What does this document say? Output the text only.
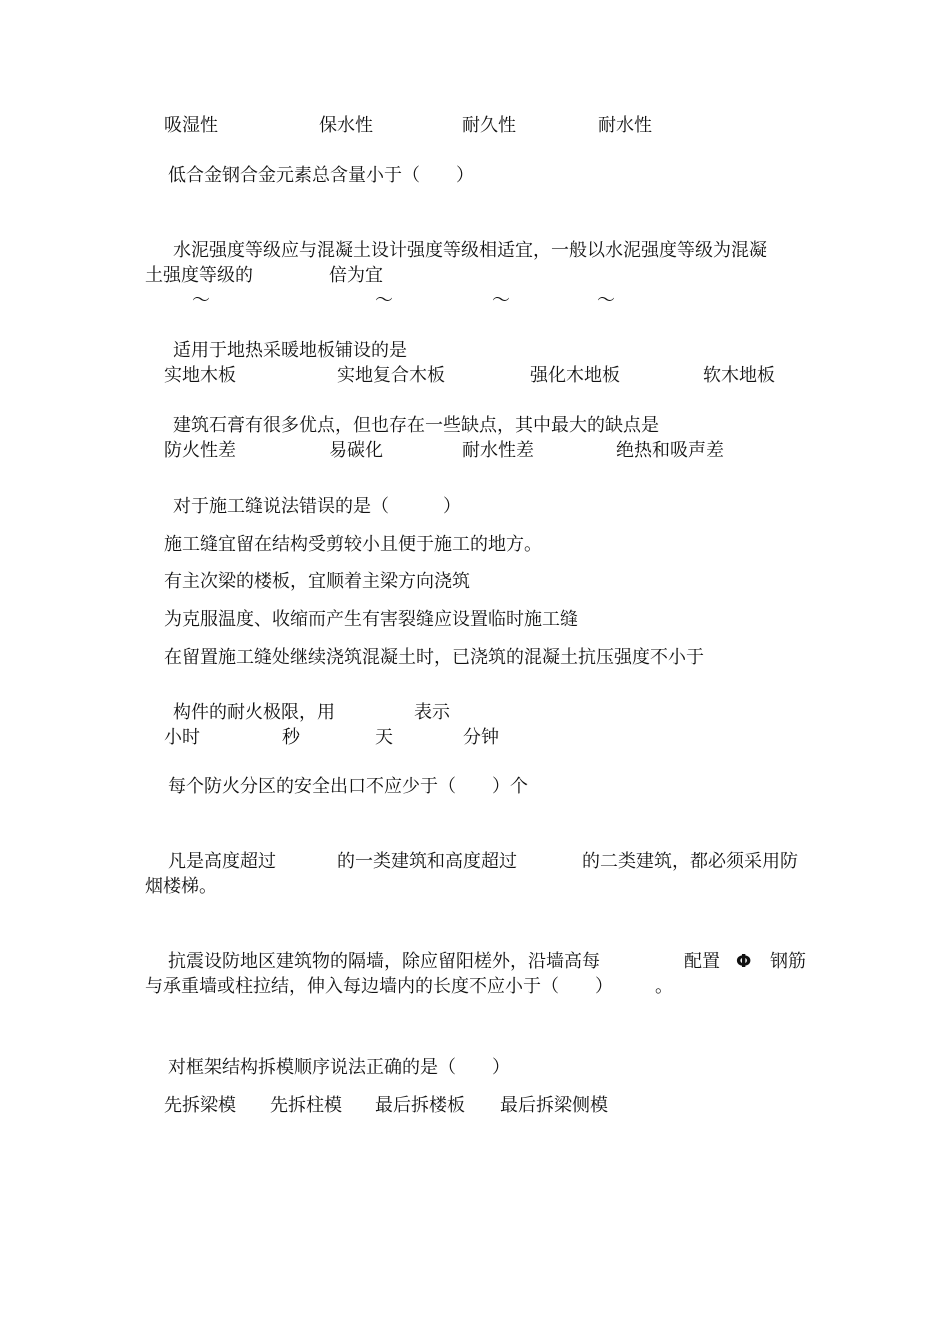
吸湿性	保水性	耐久性	耐水性
低合金钢合金元素总含量小于（　　）
水泥强度等级应与混凝土设计强度等级相适宜，一般以水泥强度等级为混凝
土强度等级的	倍为宜
～	～	～	～
适用于地热采暖地板铺设的是
实地木板	实地复合木板	强化木地板	软木地板
建筑石膏有很多优点，但也存在一些缺点，其中最大的缺点是
防火性差	易碳化	耐水性差	绝热和吸声差
对于施工缝说法错误的是（　　　）
施工缝宜留在结构受剪较小且便于施工的地方。
有主次梁的楼板，宜顺着主梁方向浇筑
为克服温度、收缩而产生有害裂缝应设置临时施工缝
在留置施工缝处继续浇筑混凝土时，已浇筑的混凝土抗压强度不小于
构件的耐火极限，用	表示
小时	秒	天	分钟
每个防火分区的安全出口不应少于（　　）个
凡是高度超过	的一类建筑和高度超过	的二类建筑，都必须采用防
烟楼梯。
抗震设防地区建筑物的隔墙，除应留阳槎外，沿墙高每	配置 Φ 钢筋
与承重墙或柱拉结，伸入每边墙内的长度不应小于（　　） 。
对框架结构拆模顺序说法正确的是（　　）
先拆梁模 先拆柱模 最后拆楼板 最后拆梁侧模
